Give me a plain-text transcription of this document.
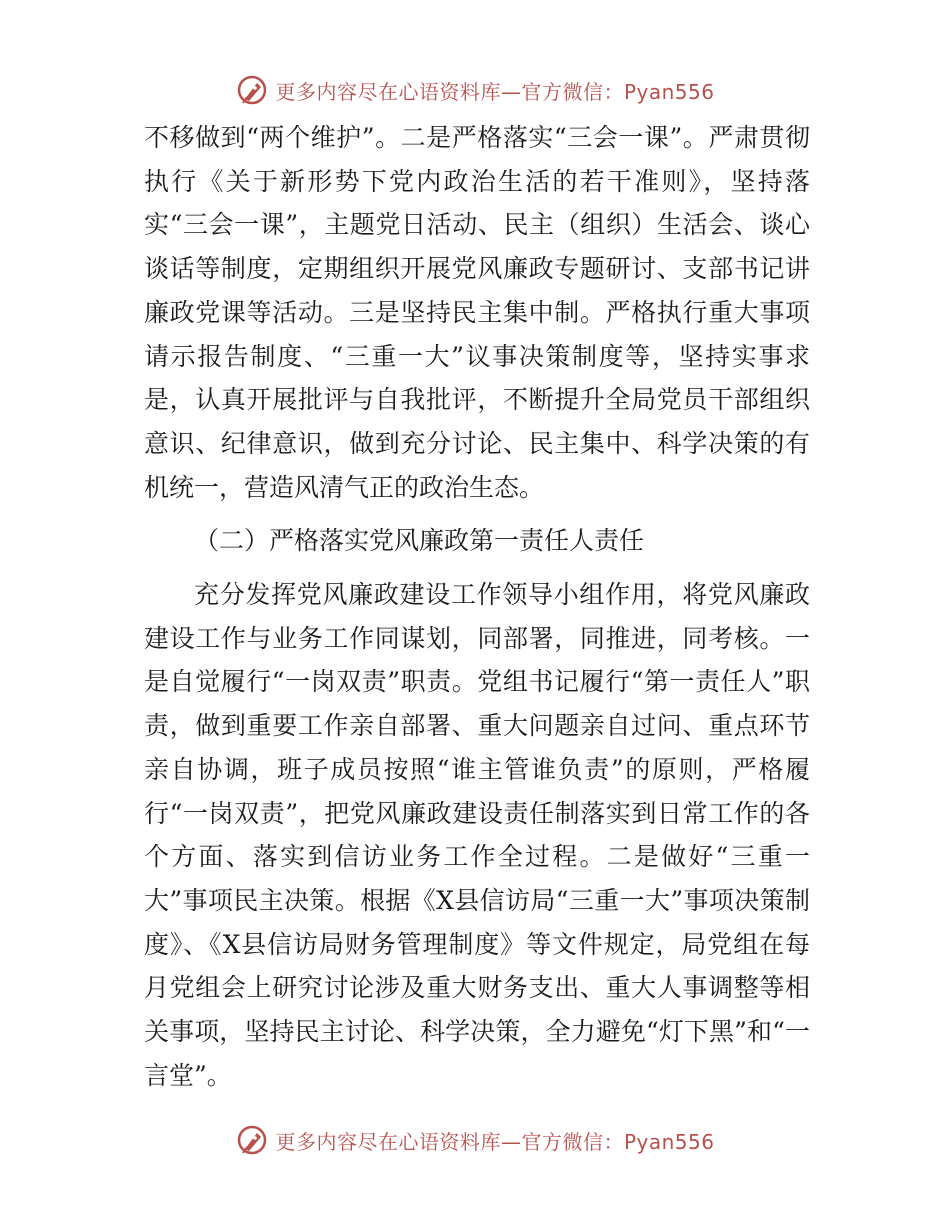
更多内容尽在心语资料库—官方微信：Pyan556

不移做到“两个维护”。二是严格落实“三会一课”。严肃贯彻执行《关于新形势下党内政治生活的若干准则》，坚持落实“三会一课”，主题党日活动、民主（组织）生活会、谈心谈话等制度，定期组织开展党风廉政专题研讨、支部书记讲廉政党课等活动。三是坚持民主集中制。严格执行重大事项请示报告制度、“三重一大”议事决策制度等，坚持实事求是，认真开展批评与自我批评，不断提升全局党员干部组织意识、纪律意识，做到充分讨论、民主集中、科学决策的有机统一，营造风清气正的政治生态。

（二）严格落实党风廉政第一责任人责任

充分发挥党风廉政建设工作领导小组作用，将党风廉政建设工作与业务工作同谋划，同部署，同推进，同考核。一是自觉履行“一岗双责”职责。党组书记履行“第一责任人”职责，做到重要工作亲自部署、重大问题亲自过问、重点环节亲自协调，班子成员按照“谁主管谁负责”的原则，严格履行“一岗双责”，把党风廉政建设责任制落实到日常工作的各个方面、落实到信访业务工作全过程。二是做好“三重一大”事项民主决策。根据《X县信访局“三重一大”事项决策制度》、《X县信访局财务管理制度》等文件规定，局党组在每月党组会上研究讨论涉及重大财务支出、重大人事调整等相关事项，坚持民主讨论、科学决策，全力避免“灯下黑”和“一言堂”。

更多内容尽在心语资料库—官方微信：Pyan556
